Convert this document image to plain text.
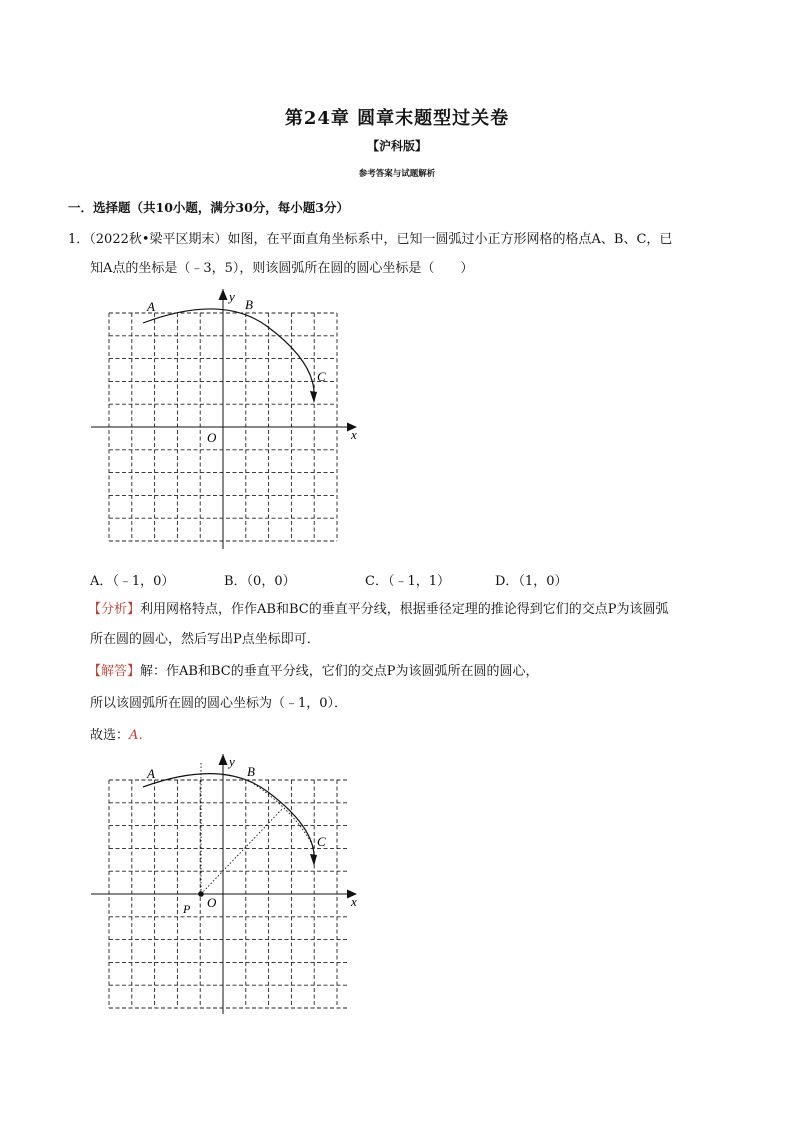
第24章 圆章末题型过关卷
【沪科版】
参考答案与试题解析
一．选择题（共10小题，满分30分，每小题3分）
1．（2022秋•梁平区期末）如图，在平面直角坐标系中，已知一圆弧过小正方形网格的格点A、B、C，已
知A点的坐标是（﹣3，5），则该圆弧所在圆的圆心坐标是（　　）
A	B
C
O	x
y
A．（﹣1，0）	B．（0，0）	C．（﹣1，1）	D．（1，0）
【分析】利用网格特点，作作AB和BC的垂直平分线，根据垂径定理的推论得到它们的交点P为该圆弧
所在圆的圆心，然后写出P点坐标即可．
【解答】解：作AB和BC的垂直平分线，它们的交点P为该圆弧所在圆的圆心，
所以该圆弧所在圆的圆心坐标为（﹣1，0）．
故选：A．
A	B
C
O
P	x
y
